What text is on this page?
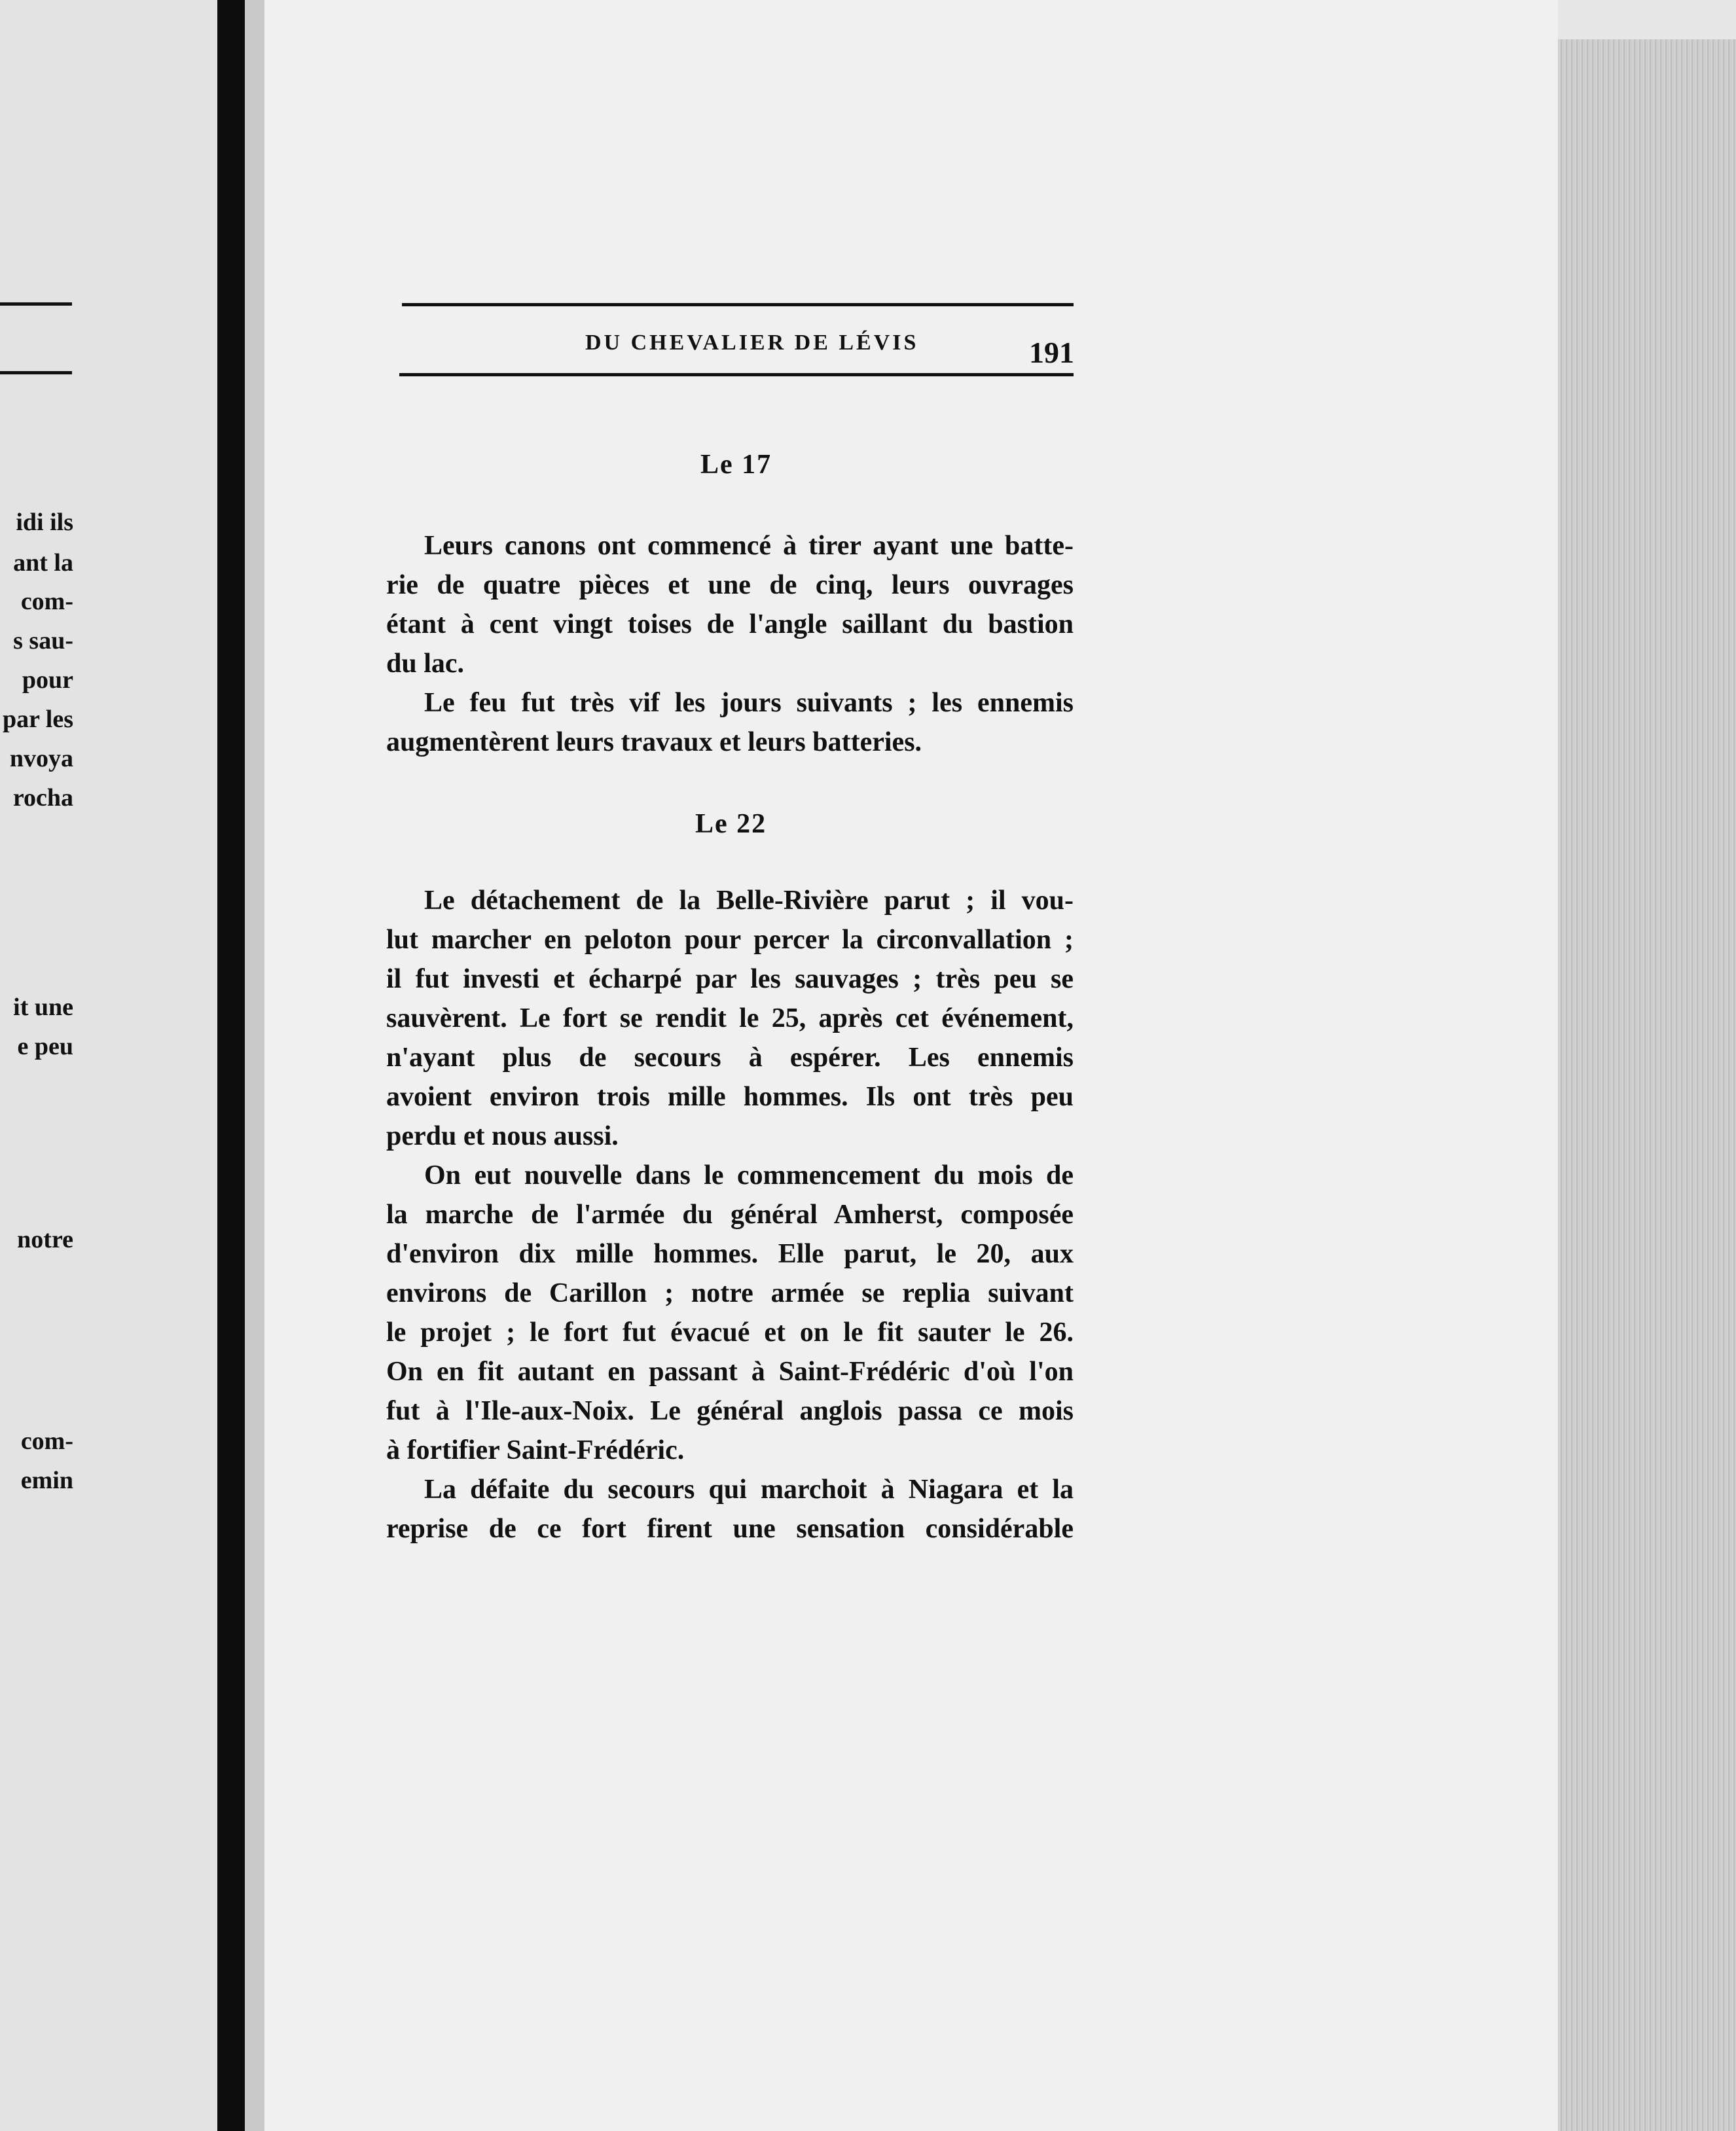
idi ils
ant la
com-
s sau-
pour
par les
nvoya
rocha
it une
e peu
notre
com-
emin
DU CHEVALIER DE LÉVIS	191
Le 17
Leurs canons ont commencé à tirer ayant une batte-
rie de quatre pièces et une de cinq, leurs ouvrages
étant à cent vingt toises de l'angle saillant du bastion
du lac.
Le feu fut très vif les jours suivants ; les ennemis
augmentèrent leurs travaux et leurs batteries.
Le 22
Le détachement de la Belle-Rivière parut ; il vou-
lut marcher en peloton pour percer la circonvallation ;
il fut investi et écharpé par les sauvages ; très peu se
sauvèrent. Le fort se rendit le 25, après cet événement,
n'ayant plus de secours à espérer. Les ennemis
avoient environ trois mille hommes. Ils ont très peu
perdu et nous aussi.
On eut nouvelle dans le commencement du mois de
la marche de l'armée du général Amherst, composée
d'environ dix mille hommes. Elle parut, le 20, aux
environs de Carillon ; notre armée se replia suivant
le projet ; le fort fut évacué et on le fit sauter le 26.
On en fit autant en passant à Saint-Frédéric d'où l'on
fut à l'Ile-aux-Noix. Le général anglois passa ce mois
à fortifier Saint-Frédéric.
La défaite du secours qui marchoit à Niagara et la
reprise de ce fort firent une sensation considérable
